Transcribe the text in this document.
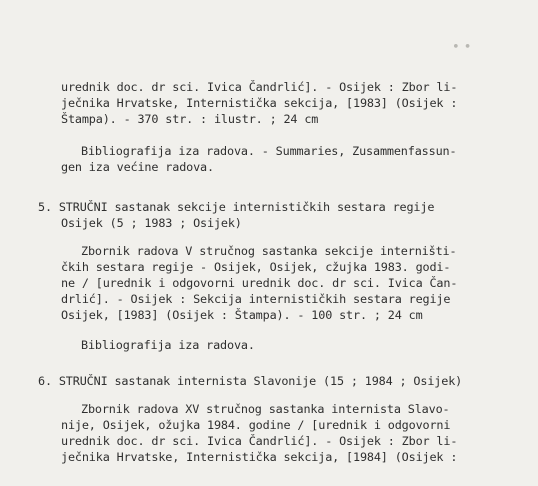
• •
urednik doc. dr sci. Ivica Čandrlić]. - Osijek : Zbor li-
ječnika Hrvatske, Internistička sekcija, [1983] (Osijek :
Štampa). - 370 str. : ilustr. ; 24 cm
Bibliografija iza radova. - Summaries, Zusammenfassun-
gen iza većine radova.
5. STRUČNI sastanak sekcije internističkih sestara regije
Osijek (5 ; 1983 ; Osijek)
Zbornik radova V stručnog sastanka sekcije interništi-
čkih sestara regije - Osijek, Osijek, cžujka 1983. godi-
ne / [urednik i odgovorni urednik doc. dr sci. Ivica Čan-
drlić]. - Osijek : Sekcija internističkih sestara regije
Osijek, [1983] (Osijek : Štampa). - 100 str. ; 24 cm
Bibliografija iza radova.
6. STRUČNI sastanak internista Slavonije (15 ; 1984 ; Osijek)
Zbornik radova XV stručnog sastanka internista Slavo-
nije, Osijek, ožujka 1984. godine / [urednik i odgovorni
urednik doc. dr sci. Ivica Čandrlić]. - Osijek : Zbor li-
ječnika Hrvatske, Internistička sekcija, [1984] (Osijek :
